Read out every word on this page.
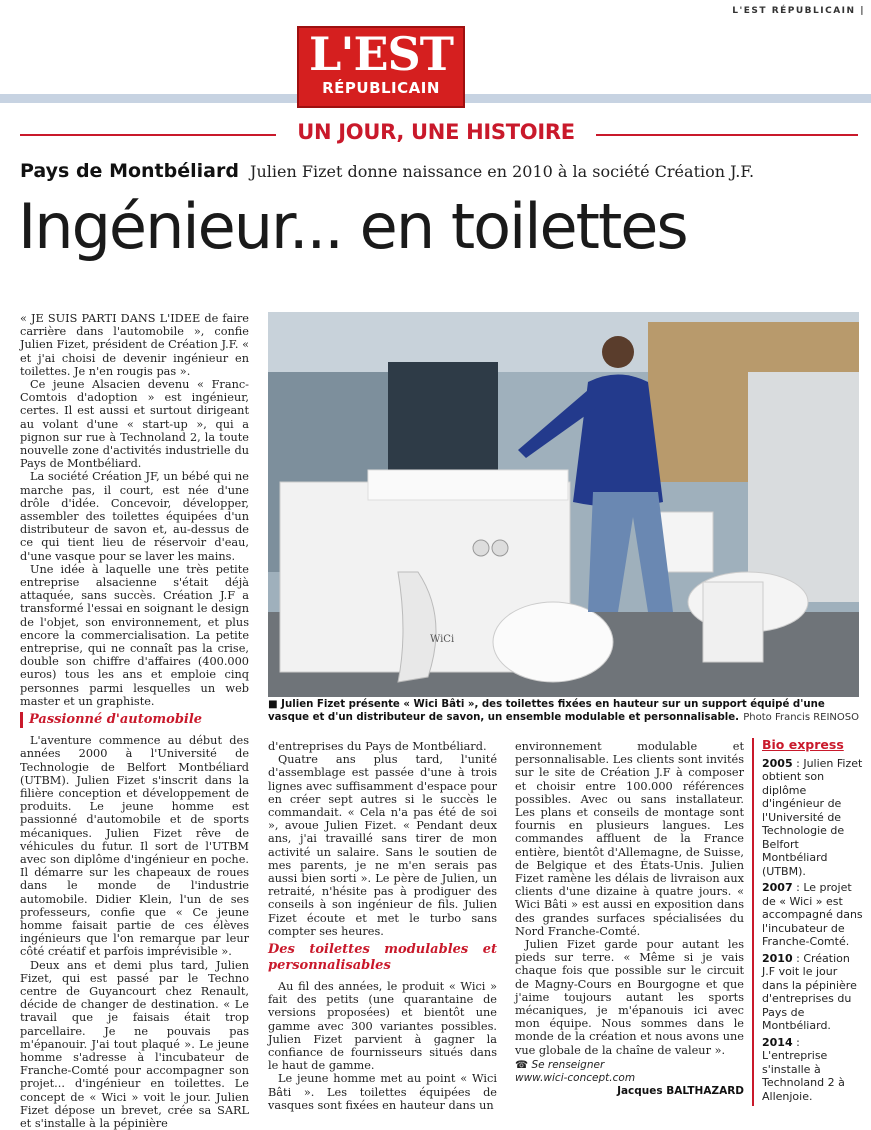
L'EST RÉPUBLICAIN |
L'EST
RÉPUBLICAIN
UN JOUR, UNE HISTOIRE
Pays de Montbéliard Julien Fizet donne naissance en 2010 à la société Création J.F.
Ingénieur... en toilettes

« JE SUIS PARTI DANS L'IDEE de faire carrière dans l'automobile », confie Julien Fizet, président de Création J.F. « et j'ai choisi de devenir ingénieur en toilettes. Je n'en rougis pas ».

Ce jeune Alsacien devenu « Franc-Comtois d'adoption » est ingénieur, certes. Il est aussi et surtout dirigeant au volant d'une « start-up », qui a pignon sur rue à Technoland 2, la toute nouvelle zone d'activités industrielle du Pays de Montbéliard.

La société Création JF, un bébé qui ne marche pas, il court, est née d'une drôle d'idée. Concevoir, développer, assembler des toilettes équipées d'un distributeur de savon et, au-dessus de ce qui tient lieu de réservoir d'eau, d'une vasque pour se laver les mains.

Une idée à laquelle une très petite entreprise alsacienne s'était déjà attaquée, sans succès. Création J.F a transformé l'essai en soignant le design de l'objet, son environnement, et plus encore la commercialisation. La petite entreprise, qui ne connaît pas la crise, double son chiffre d'affaires (400.000 euros) tous les ans et emploie cinq personnes parmi lesquelles un web master et un graphiste.

Passionné d'automobile

L'aventure commence au début des années 2000 à l'Université de Technologie de Belfort Montbéliard (UTBM). Julien Fizet s'inscrit dans la filière conception et développement de produits. Le jeune homme est passionné d'automobile et de sports mécaniques. Julien Fizet rêve de véhicules du futur. Il sort de l'UTBM avec son diplôme d'ingénieur en poche. Il démarre sur les chapeaux de roues dans le monde de l'industrie automobile. Didier Klein, l'un de ses professeurs, confie que « Ce jeune homme faisait partie de ces élèves ingénieurs que l'on remarque par leur côté créatif et parfois imprévisible ».

Deux ans et demi plus tard, Julien Fizet, qui est passé par le Techno centre de Guyancourt chez Renault, décide de changer de destination. « Le travail que je faisais était trop parcellaire. Je ne pouvais pas m'épanouir. J'ai tout plaqué ». Le jeune homme s'adresse à l'incubateur de Franche-Comté pour accompagner son projet... d'ingénieur en toilettes. Le concept de « Wici » voit le jour. Julien Fizet dépose un brevet, crée sa SARL et s'installe à la pépinière

WiCi
■ Julien Fizet présente « Wici Bâti », des toilettes fixées en hauteur sur un support équipé d'une vasque et d'un distributeur de savon, un ensemble modulable et personnalisable. Photo Francis REINOSO

d'entreprises du Pays de Montbéliard.

Quatre ans plus tard, l'unité d'assemblage est passée d'une à trois lignes avec suffisamment d'espace pour en créer sept autres si le succès le commandait. « Cela n'a pas été de soi », avoue Julien Fizet. « Pendant deux ans, j'ai travaillé sans tirer de mon activité un salaire. Sans le soutien de mes parents, je ne m'en serais pas aussi bien sorti ». Le père de Julien, un retraité, n'hésite pas à prodiguer des conseils à son ingénieur de fils. Julien Fizet écoute et met le turbo sans compter ses heures.

Des toilettes modulables et personnalisables

Au fil des années, le produit « Wici » fait des petits (une quarantaine de versions proposées) et bientôt une gamme avec 300 variantes possibles. Julien Fizet parvient à gagner la confiance de fournisseurs situés dans le haut de gamme.

Le jeune homme met au point « Wici Bâti ». Les toilettes équipées de vasques sont fixées en hauteur dans un

environnement modulable et personnalisable. Les clients sont invités sur le site de Création J.F à composer et choisir entre 100.000 références possibles. Avec ou sans installateur. Les plans et conseils de montage sont fournis en plusieurs langues. Les commandes affluent de la France entière, bientôt d'Allemagne, de Suisse, de Belgique et des États-Unis. Julien Fizet ramène les délais de livraison aux clients d'une dizaine à quatre jours. « Wici Bâti » est aussi en exposition dans des grandes surfaces spécialisées du Nord Franche-Comté.

Julien Fizet garde pour autant les pieds sur terre. « Même si je vais chaque fois que possible sur le circuit de Magny-Cours en Bourgogne et que j'aime toujours autant les sports mécaniques, je m'épanouis ici avec mon équipe. Nous sommes dans le monde de la création et nous avons une vue globale de la chaîne de valeur ».

☎ Se renseigner
www.wici-concept.com
Jacques BALTHAZARD
Bio express

2005 : Julien Fizet obtient son diplôme d'ingénieur de l'Université de Technologie de Belfort Montbéliard (UTBM).

2007 : Le projet de « Wici » est accompagné dans l'incubateur de Franche-Comté.

2010 : Création J.F voit le jour dans la pépinière d'entreprises du Pays de Montbéliard.

2014 : L'entreprise s'installe à Technoland 2 à Allenjoie.
